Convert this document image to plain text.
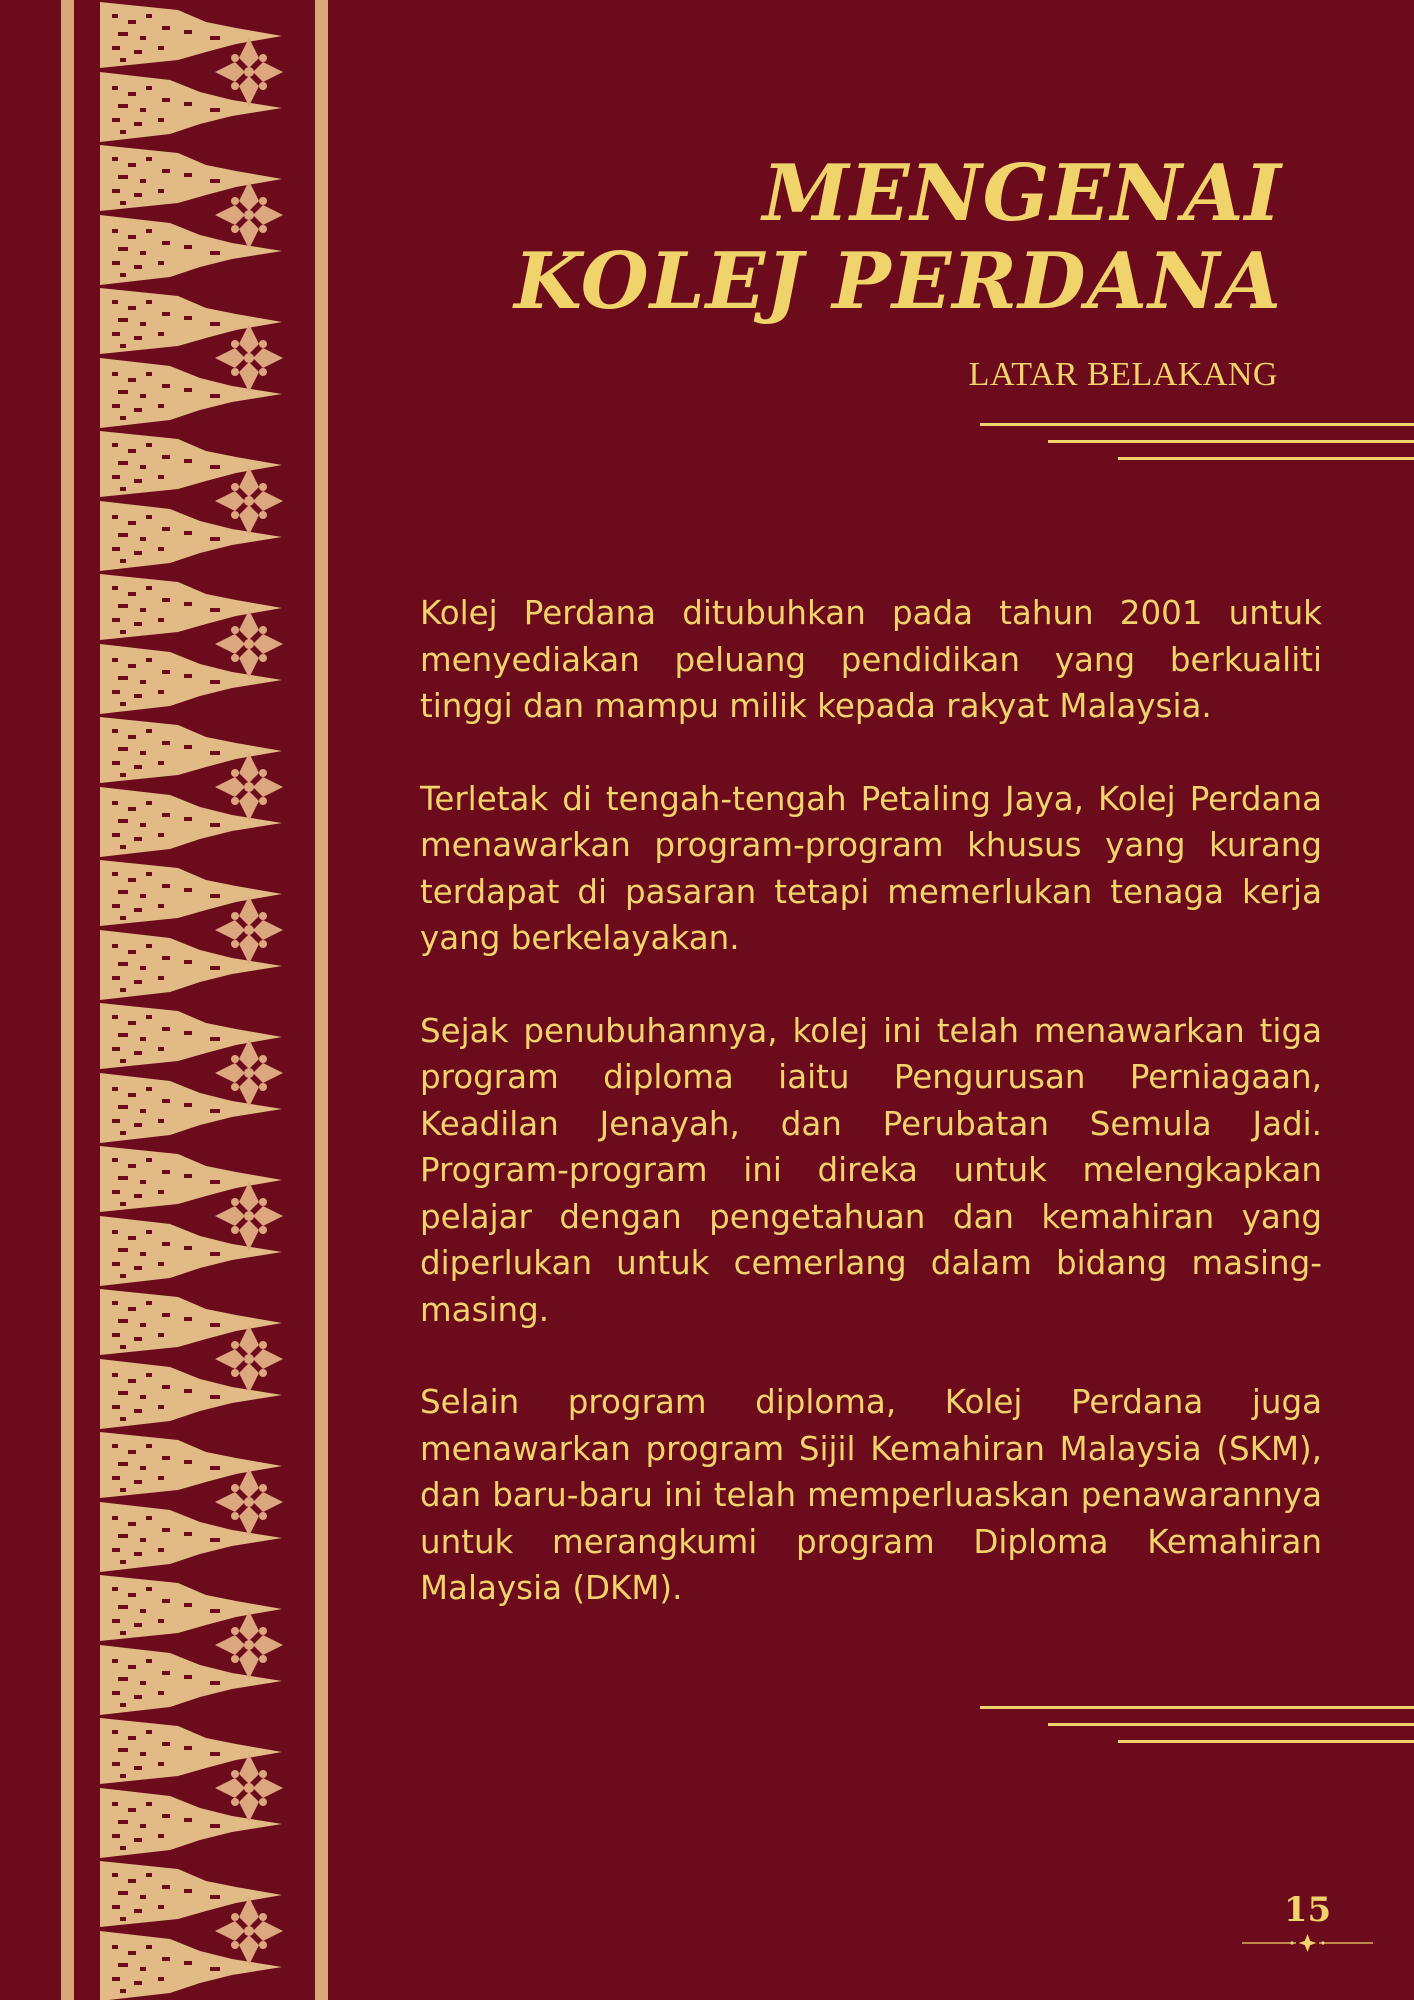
MENGENAI
KOLEJ PERDANA
LATAR BELAKANG

Kolej Perdana ditubuhkan pada tahun 2001 untuk menyediakan peluang pendidikan yang berkualiti tinggi dan mampu milik kepada rakyat Malaysia.

Terletak di tengah-tengah Petaling Jaya, Kolej Perdana menawarkan program-program khusus yang kurang terdapat di pasaran tetapi memerlukan tenaga kerja yang berkelayakan.

Sejak penubuhannya, kolej ini telah menawarkan tiga program diploma iaitu Pengurusan Perniagaan, Keadilan Jenayah, dan Perubatan Semula Jadi. Program-program ini direka untuk melengkapkan pelajar dengan pengetahuan dan kemahiran yang diperlukan untuk cemerlang dalam bidang masing-masing.

Selain program diploma, Kolej Perdana juga menawarkan program Sijil Kemahiran Malaysia (SKM), dan baru-baru ini telah memperluaskan penawarannya untuk merangkumi program Diploma Kemahiran Malaysia (DKM).

15
